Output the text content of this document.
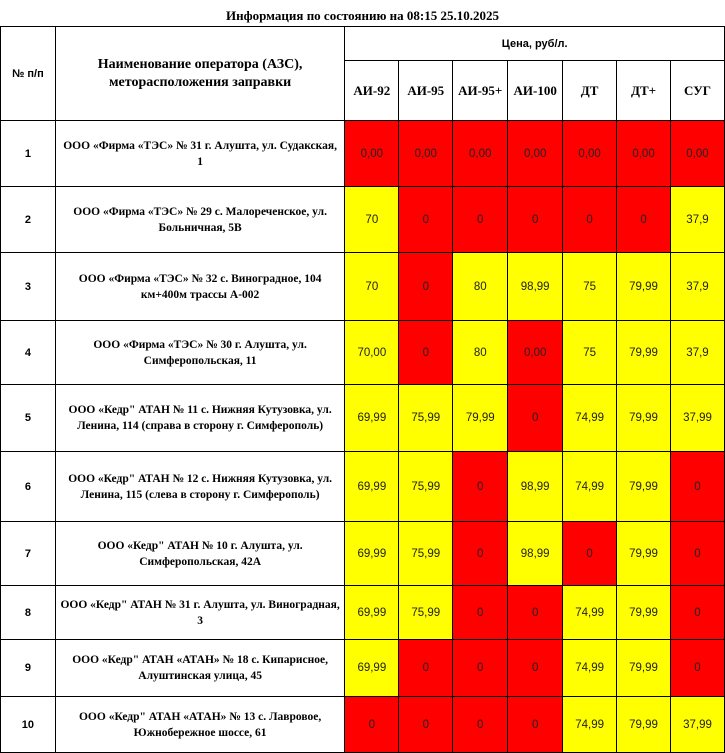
Информация по состоянию на 08:15 25.10.2025
№ п/п	Наименование оператора (АЗС), меторасположения заправки	Цена, руб/л.						
		АИ-92	АИ-95	АИ-95+	АИ-100	ДТ	ДТ+	СУГ
1	ООО «Фирма «ТЭС» № 31 г. Алушта, ул. Судакская, 1	0,00	0,00	0,00	0,00	0,00	0,00	0,00
2	ООО «Фирма «ТЭС» № 29 с. Малореченское, ул. Больничная, 5В	70	0	0	0	0	0	37,9
3	ООО «Фирма «ТЭС» № 32 с. Виноградное, 104 км+400м трассы А-002	70	0	80	98,99	75	79,99	37,9
4	ООО «Фирма «ТЭС» № 30 г. Алушта, ул. Симферопольская, 11	70,00	0	80	0,00	75	79,99	37,9
5	ООО «Кедр" АТАН № 11 с. Нижняя Кутузовка, ул. Ленина, 114 (справа в сторону г. Симферополь)	69,99	75,99	79,99	0	74,99	79,99	37,99
6	ООО «Кедр" АТАН № 12 с. Нижняя Кутузовка, ул. Ленина, 115 (слева в сторону г. Симферополь)	69,99	75,99	0	98,99	74,99	79,99	0
7	ООО «Кедр" АТАН № 10 г. Алушта, ул. Симферопольская, 42А	69,99	75,99	0	98,99	0	79,99	0
8	ООО «Кедр" АТАН № 31 г. Алушта, ул. Виноградная, 3	69,99	75,99	0	0	74,99	79,99	0
9	ООО «Кедр" АТАН «АТАН» № 18 с. Кипарисное, Алуштинская улица, 45	69,99	0	0	0	74,99	79,99	0
10	ООО «Кедр" АТАН «АТАН» № 13 с. Лавровое, Южнобережное шоссе, 61	0	0	0	0	74,99	79,99	37,99
